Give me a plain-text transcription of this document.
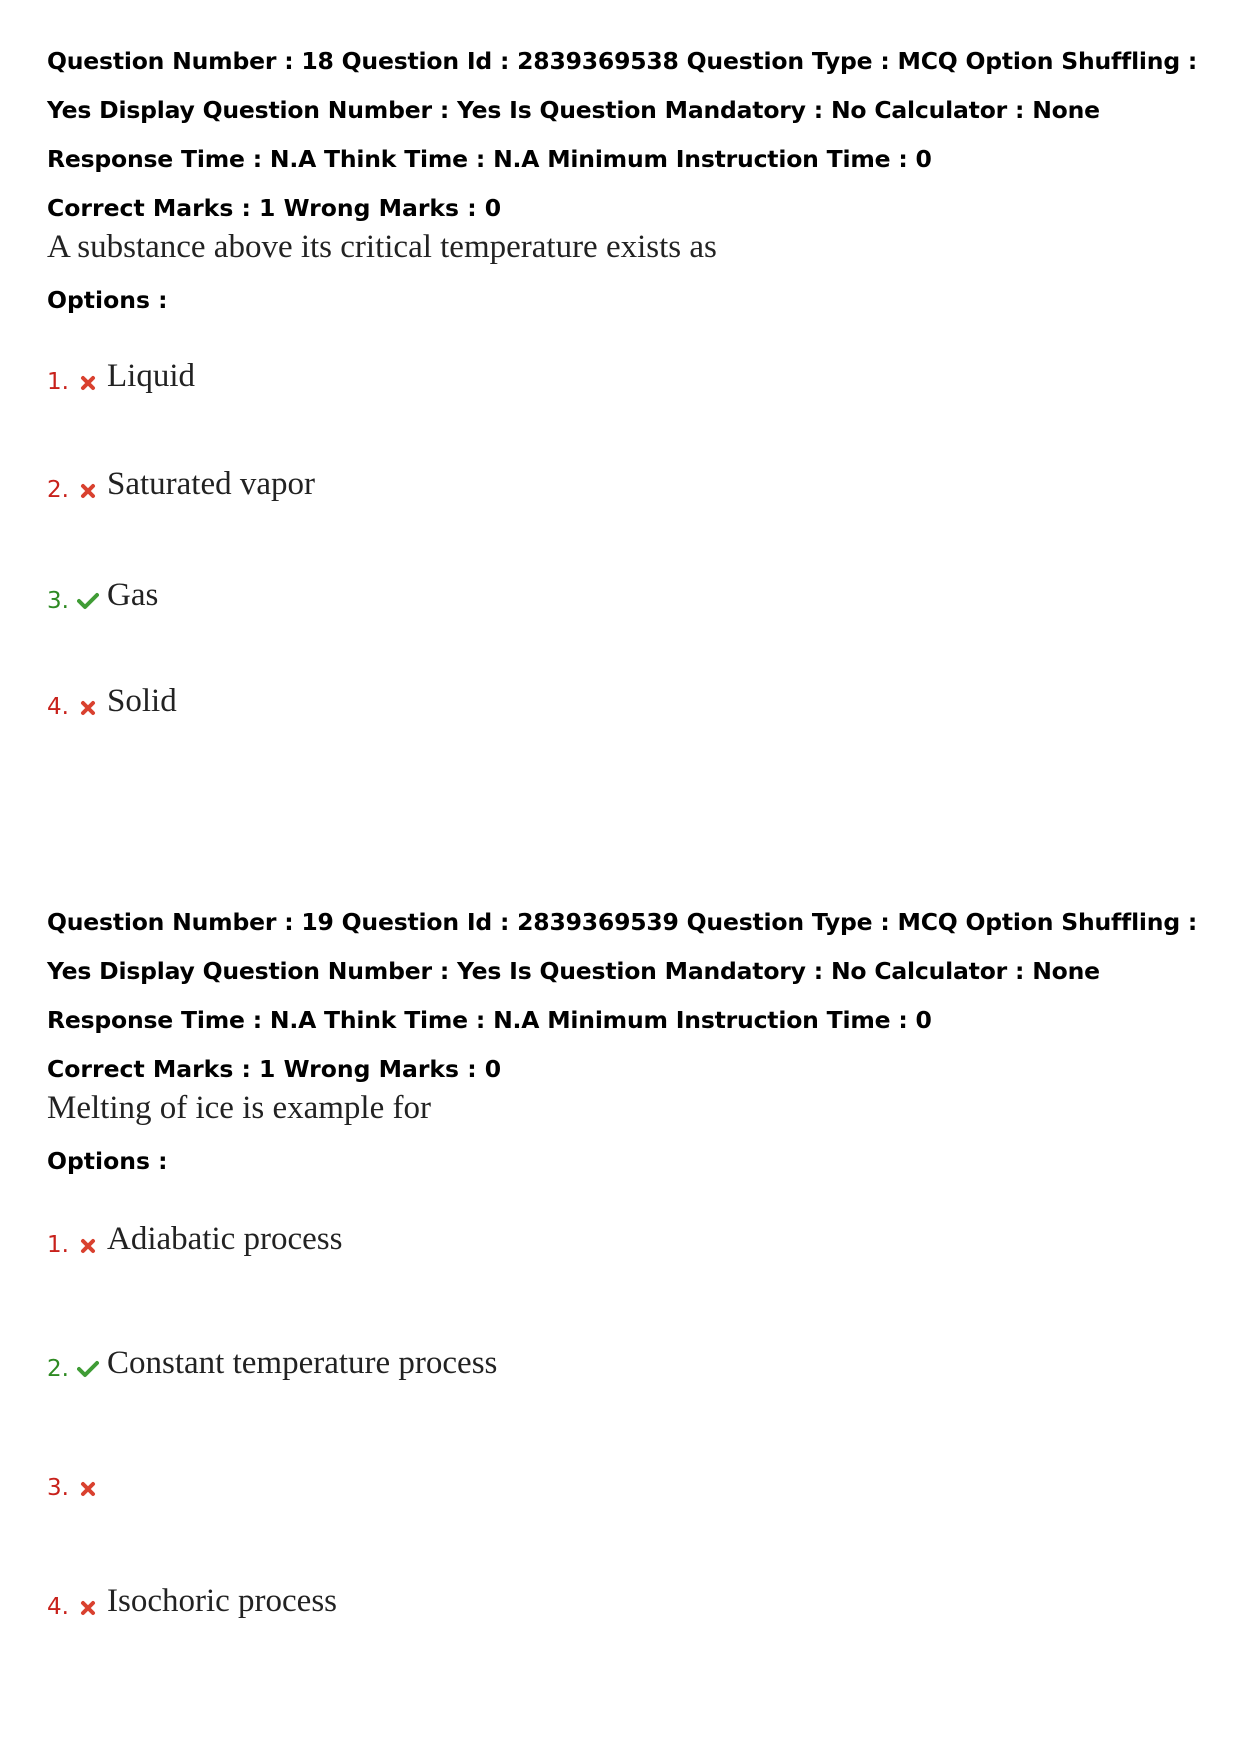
Question Number : 18 Question Id : 2839369538 Question Type : MCQ Option Shuffling : Yes Display Question Number : Yes Is Question Mandatory : No Calculator : None Response Time : N.A Think Time : N.A Minimum Instruction Time : 0

Correct Marks : 1 Wrong Marks : 0

A substance above its critical temperature exists as

Options :

1. Liquid
2. Saturated vapor
3. Gas
4. Solid

Question Number : 19 Question Id : 2839369539 Question Type : MCQ Option Shuffling : Yes Display Question Number : Yes Is Question Mandatory : No Calculator : None Response Time : N.A Think Time : N.A Minimum Instruction Time : 0

Correct Marks : 1 Wrong Marks : 0

Melting of ice is example for

Options :

1. Adiabatic process
2. Constant temperature process
3.
4. Isochoric process
